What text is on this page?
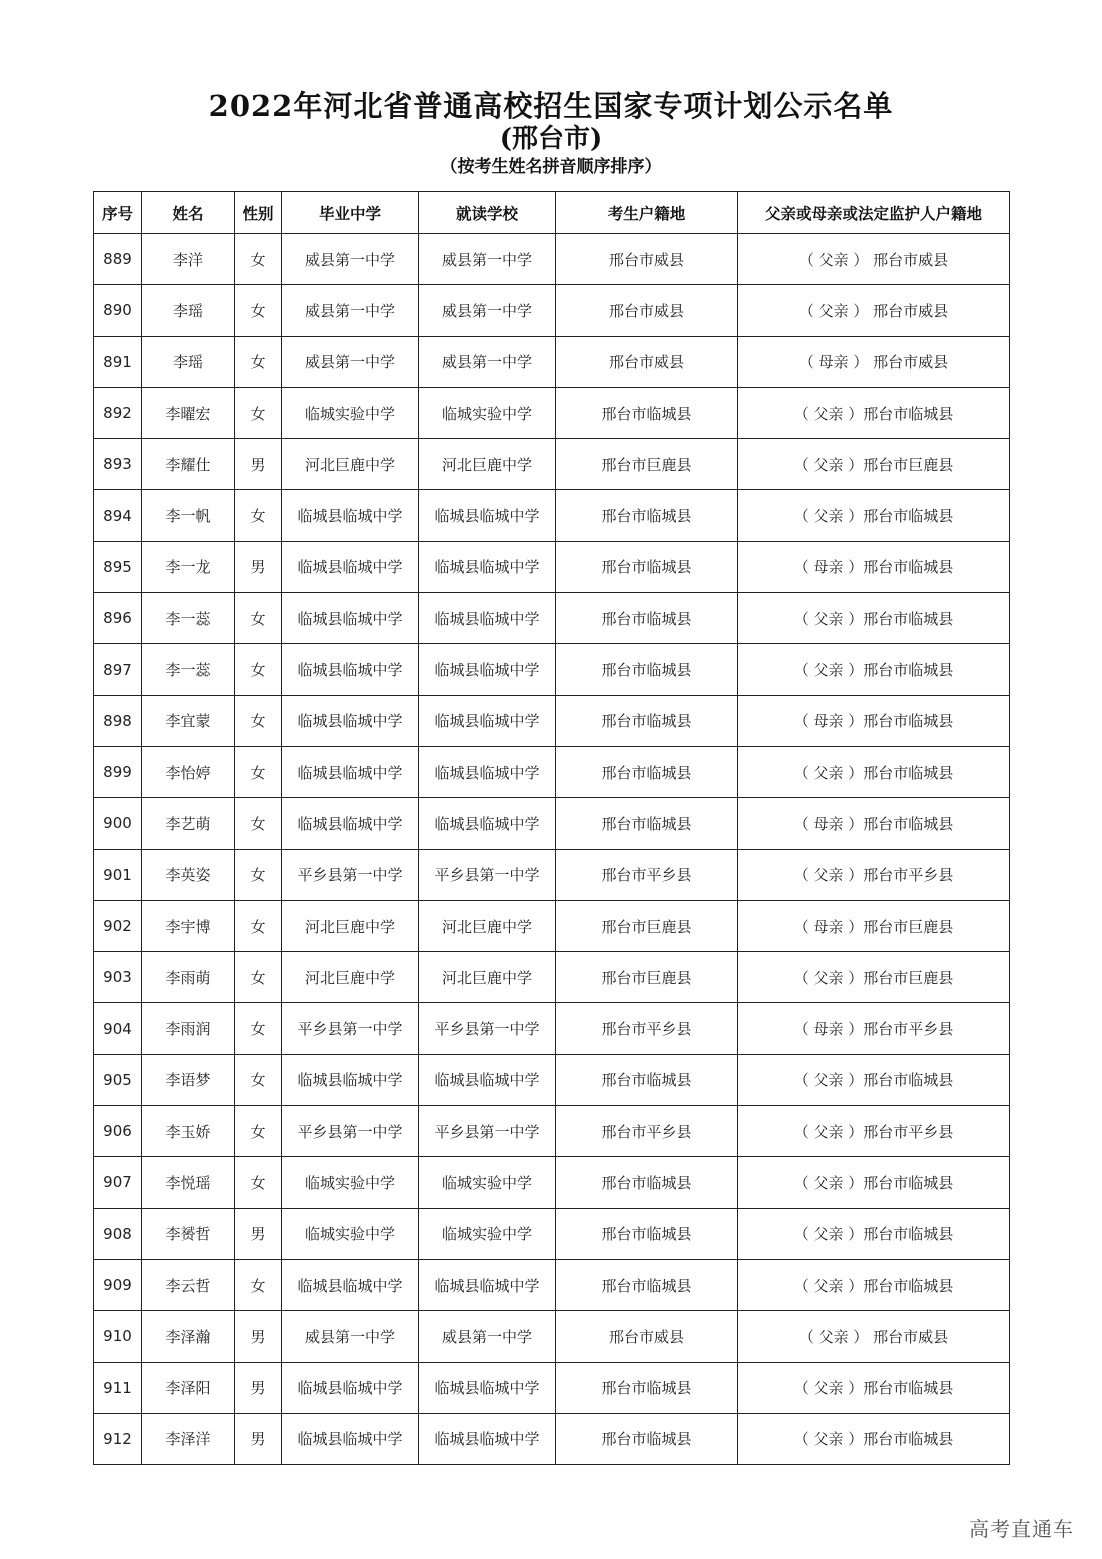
2022年河北省普通高校招生国家专项计划公示名单
(邢台市)
（按考生姓名拼音顺序排序）
序号	姓名	性别	毕业中学	就读学校	考生户籍地	父亲或母亲或法定监护人户籍地
889	李洋	女	威县第一中学	威县第一中学	邢台市威县	（ 父亲 ） 邢台市威县
890	李瑶	女	威县第一中学	威县第一中学	邢台市威县	（ 父亲 ） 邢台市威县
891	李瑶	女	威县第一中学	威县第一中学	邢台市威县	（ 母亲 ） 邢台市威县
892	李曜宏	女	临城实验中学	临城实验中学	邢台市临城县	（ 父亲 ）邢台市临城县
893	李耀仕	男	河北巨鹿中学	河北巨鹿中学	邢台市巨鹿县	（ 父亲 ）邢台市巨鹿县
894	李一帆	女	临城县临城中学	临城县临城中学	邢台市临城县	（ 父亲 ）邢台市临城县
895	李一龙	男	临城县临城中学	临城县临城中学	邢台市临城县	（ 母亲 ）邢台市临城县
896	李一蕊	女	临城县临城中学	临城县临城中学	邢台市临城县	（ 父亲 ）邢台市临城县
897	李一蕊	女	临城县临城中学	临城县临城中学	邢台市临城县	（ 父亲 ）邢台市临城县
898	李宜蒙	女	临城县临城中学	临城县临城中学	邢台市临城县	（ 母亲 ）邢台市临城县
899	李怡婷	女	临城县临城中学	临城县临城中学	邢台市临城县	（ 父亲 ）邢台市临城县
900	李艺萌	女	临城县临城中学	临城县临城中学	邢台市临城县	（ 母亲 ）邢台市临城县
901	李英姿	女	平乡县第一中学	平乡县第一中学	邢台市平乡县	（ 父亲 ）邢台市平乡县
902	李宇博	女	河北巨鹿中学	河北巨鹿中学	邢台市巨鹿县	（ 母亲 ）邢台市巨鹿县
903	李雨萌	女	河北巨鹿中学	河北巨鹿中学	邢台市巨鹿县	（ 父亲 ）邢台市巨鹿县
904	李雨润	女	平乡县第一中学	平乡县第一中学	邢台市平乡县	（ 母亲 ）邢台市平乡县
905	李语梦	女	临城县临城中学	临城县临城中学	邢台市临城县	（ 父亲 ）邢台市临城县
906	李玉娇	女	平乡县第一中学	平乡县第一中学	邢台市平乡县	（ 父亲 ）邢台市平乡县
907	李悦瑶	女	临城实验中学	临城实验中学	邢台市临城县	（ 父亲 ）邢台市临城县
908	李赟哲	男	临城实验中学	临城实验中学	邢台市临城县	（ 父亲 ）邢台市临城县
909	李云哲	女	临城县临城中学	临城县临城中学	邢台市临城县	（ 父亲 ）邢台市临城县
910	李泽瀚	男	威县第一中学	威县第一中学	邢台市威县	（ 父亲 ） 邢台市威县
911	李泽阳	男	临城县临城中学	临城县临城中学	邢台市临城县	（ 父亲 ）邢台市临城县
912	李泽洋	男	临城县临城中学	临城县临城中学	邢台市临城县	（ 父亲 ）邢台市临城县
高考直通车
